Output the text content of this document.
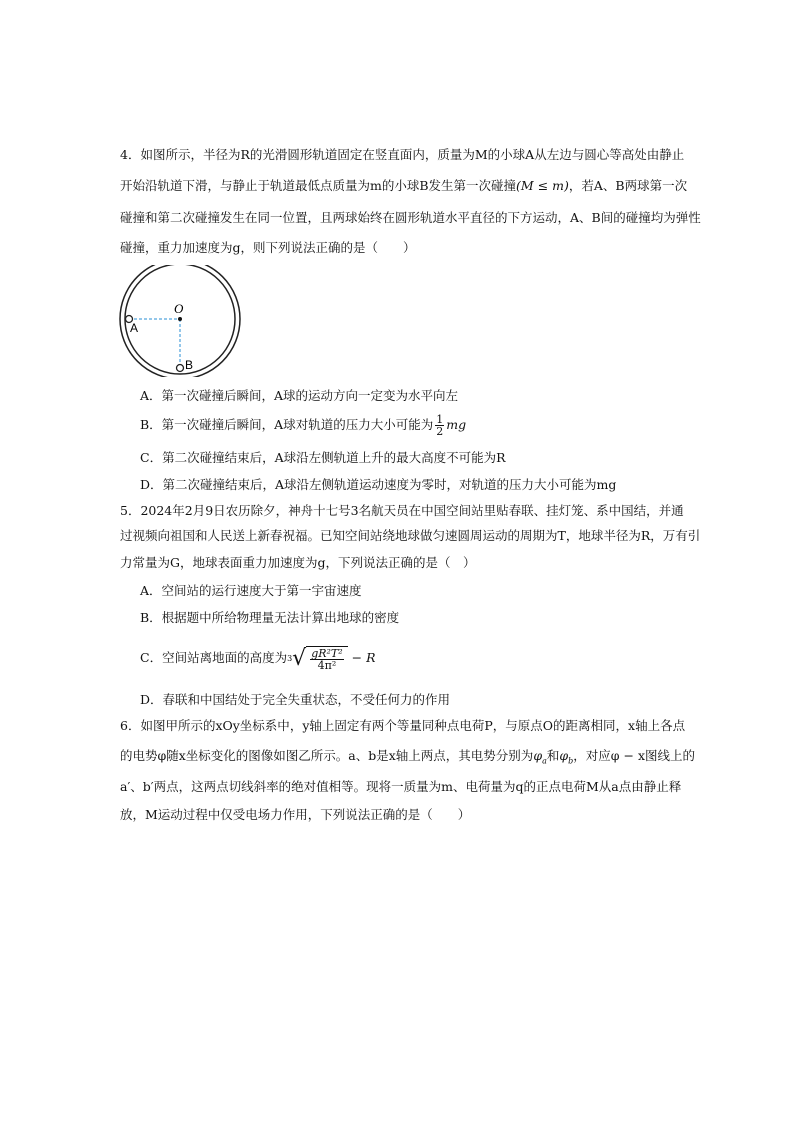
4．如图所示，半径为R的光滑圆形轨道固定在竖直面内，质量为M的小球A从左边与圆心等高处由静止
开始沿轨道下滑，与静止于轨道最低点质量为m的小球B发生第一次碰撞(M ≤ m)，若A、B两球第一次
碰撞和第二次碰撞发生在同一位置，且两球始终在圆形轨道水平直径的下方运动，A、B间的碰撞均为弹性
碰撞，重力加速度为g，则下列说法正确的是（　　）
O
A
B
A．第一次碰撞后瞬间，A球的运动方向一定变为水平向左
B．第一次碰撞后瞬间，A球对轨道的压力大小可能为 $\frac{1}{2}$ mg
C．第二次碰撞结束后，A球沿左侧轨道上升的最大高度不可能为R
D．第二次碰撞结束后，A球沿左侧轨道运动速度为零时，对轨道的压力大小可能为mg
5．2024年2月9日农历除夕，神舟十七号3名航天员在中国空间站里贴春联、挂灯笼、系中国结，并通
过视频向祖国和人民送上新春祝福。已知空间站绕地球做匀速圆周运动的周期为T，地球半径为R，万有引
力常量为G，地球表面重力加速度为g，下列说法正确的是（　）
A．空间站的运行速度大于第一宇宙速度
B．根据题中所给物理量无法计算出地球的密度
C．空间站离地面的高度为 3 √ $\frac{\text{gR²T²}}{\text{4π²}} - R$
D．春联和中国结处于完全失重状态，不受任何力的作用
6．如图甲所示的xOy坐标系中，y轴上固定有两个等量同种点电荷P，与原点O的距离相同，x轴上各点
的电势φ随x坐标变化的图像如图乙所示。a、b是x轴上两点，其电势分别为$\varphi_a$和$\varphi_b$，对应φ − x图线上的
a′、b′两点，这两点切线斜率的绝对值相等。现将一质量为m、电荷量为q的正点电荷M从a点由静止释
放，M运动过程中仅受电场力作用，下列说法正确的是（　　）
